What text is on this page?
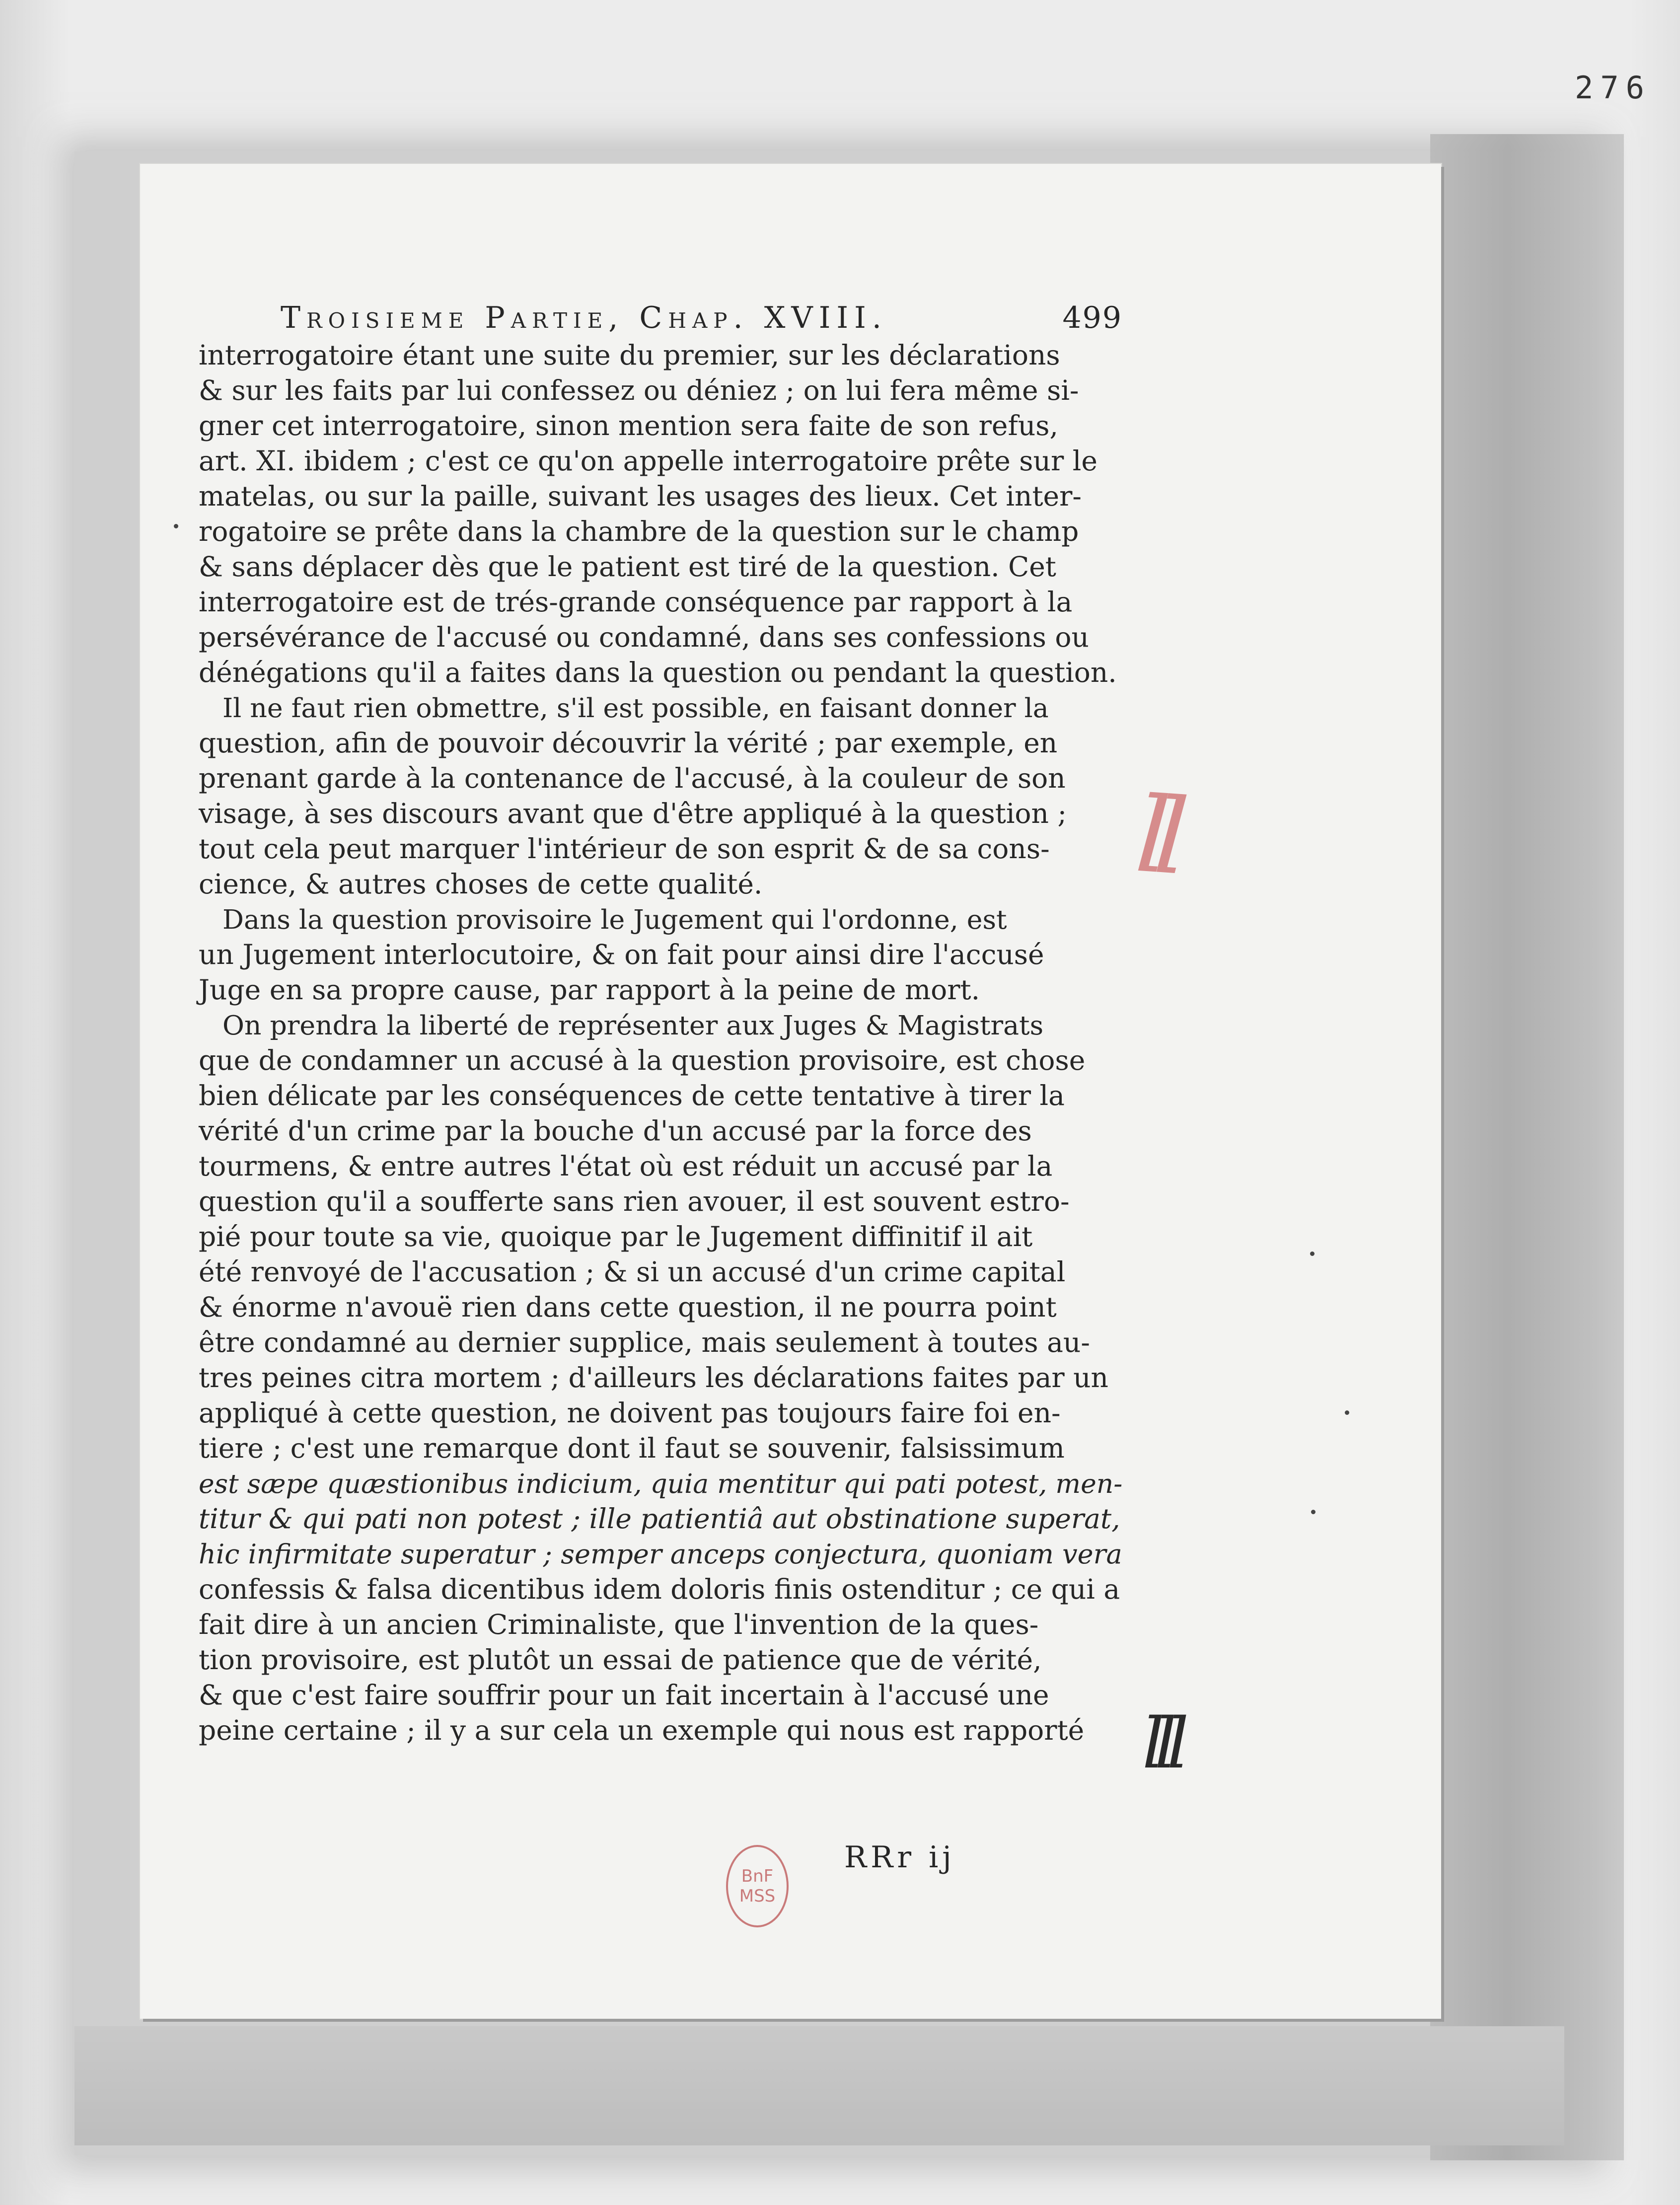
276
Troisieme Partie, Chap. XVIII.	499
interrogatoire étant une suite du premier, sur les déclarations
& sur les faits par lui confessez ou déniez ; on lui fera même si-
gner cet interrogatoire, sinon mention sera faite de son refus,
art. XI. ibidem ; c'est ce qu'on appelle interrogatoire prête sur le
matelas, ou sur la paille, suivant les usages des lieux. Cet inter-
rogatoire se prête dans la chambre de la question sur le champ
& sans déplacer dès que le patient est tiré de la question. Cet
interrogatoire est de trés-grande conséquence par rapport à la
persévérance de l'accusé ou condamné, dans ses confessions ou
dénégations qu'il a faites dans la question ou pendant la question.
Il ne faut rien obmettre, s'il est possible, en faisant donner la
question, afin de pouvoir découvrir la vérité ; par exemple, en
prenant garde à la contenance de l'accusé, à la couleur de son
visage, à ses discours avant que d'être appliqué à la question ;
tout cela peut marquer l'intérieur de son esprit & de sa cons-
cience, & autres choses de cette qualité.
Dans la question provisoire le Jugement qui l'ordonne, est
un Jugement interlocutoire, & on fait pour ainsi dire l'accusé
Juge en sa propre cause, par rapport à la peine de mort.
On prendra la liberté de représenter aux Juges & Magistrats
que de condamner un accusé à la question provisoire, est chose
bien délicate par les conséquences de cette tentative à tirer la
vérité d'un crime par la bouche d'un accusé par la force des
tourmens, & entre autres l'état où est réduit un accusé par la
question qu'il a soufferte sans rien avouer, il est souvent estro-
pié pour toute sa vie, quoique par le Jugement diffinitif il ait
été renvoyé de l'accusation ; & si un accusé d'un crime capital
& énorme n'avouë rien dans cette question, il ne pourra point
être condamné au dernier supplice, mais seulement à toutes au-
tres peines citra mortem ; d'ailleurs les déclarations faites par un
appliqué à cette question, ne doivent pas toujours faire foi en-
tiere ; c'est une remarque dont il faut se souvenir, falsissimum
est sæpe quæstionibus indicium, quia mentitur qui pati potest, men-
titur & qui pati non potest ; ille patientiâ aut obstinatione superat,
hic infirmitate superatur ; semper anceps conjectura, quoniam vera
confessis & falsa dicentibus idem doloris finis ostenditur ; ce qui a
fait dire à un ancien Criminaliste, que l'invention de la ques-
tion provisoire, est plutôt un essai de patience que de vérité,
& que c'est faire souffrir pour un fait incertain à l'accusé une
peine certaine ; il y a sur cela un exemple qui nous est rapporté
ll
lll
BnF
MSS
RRr ij
